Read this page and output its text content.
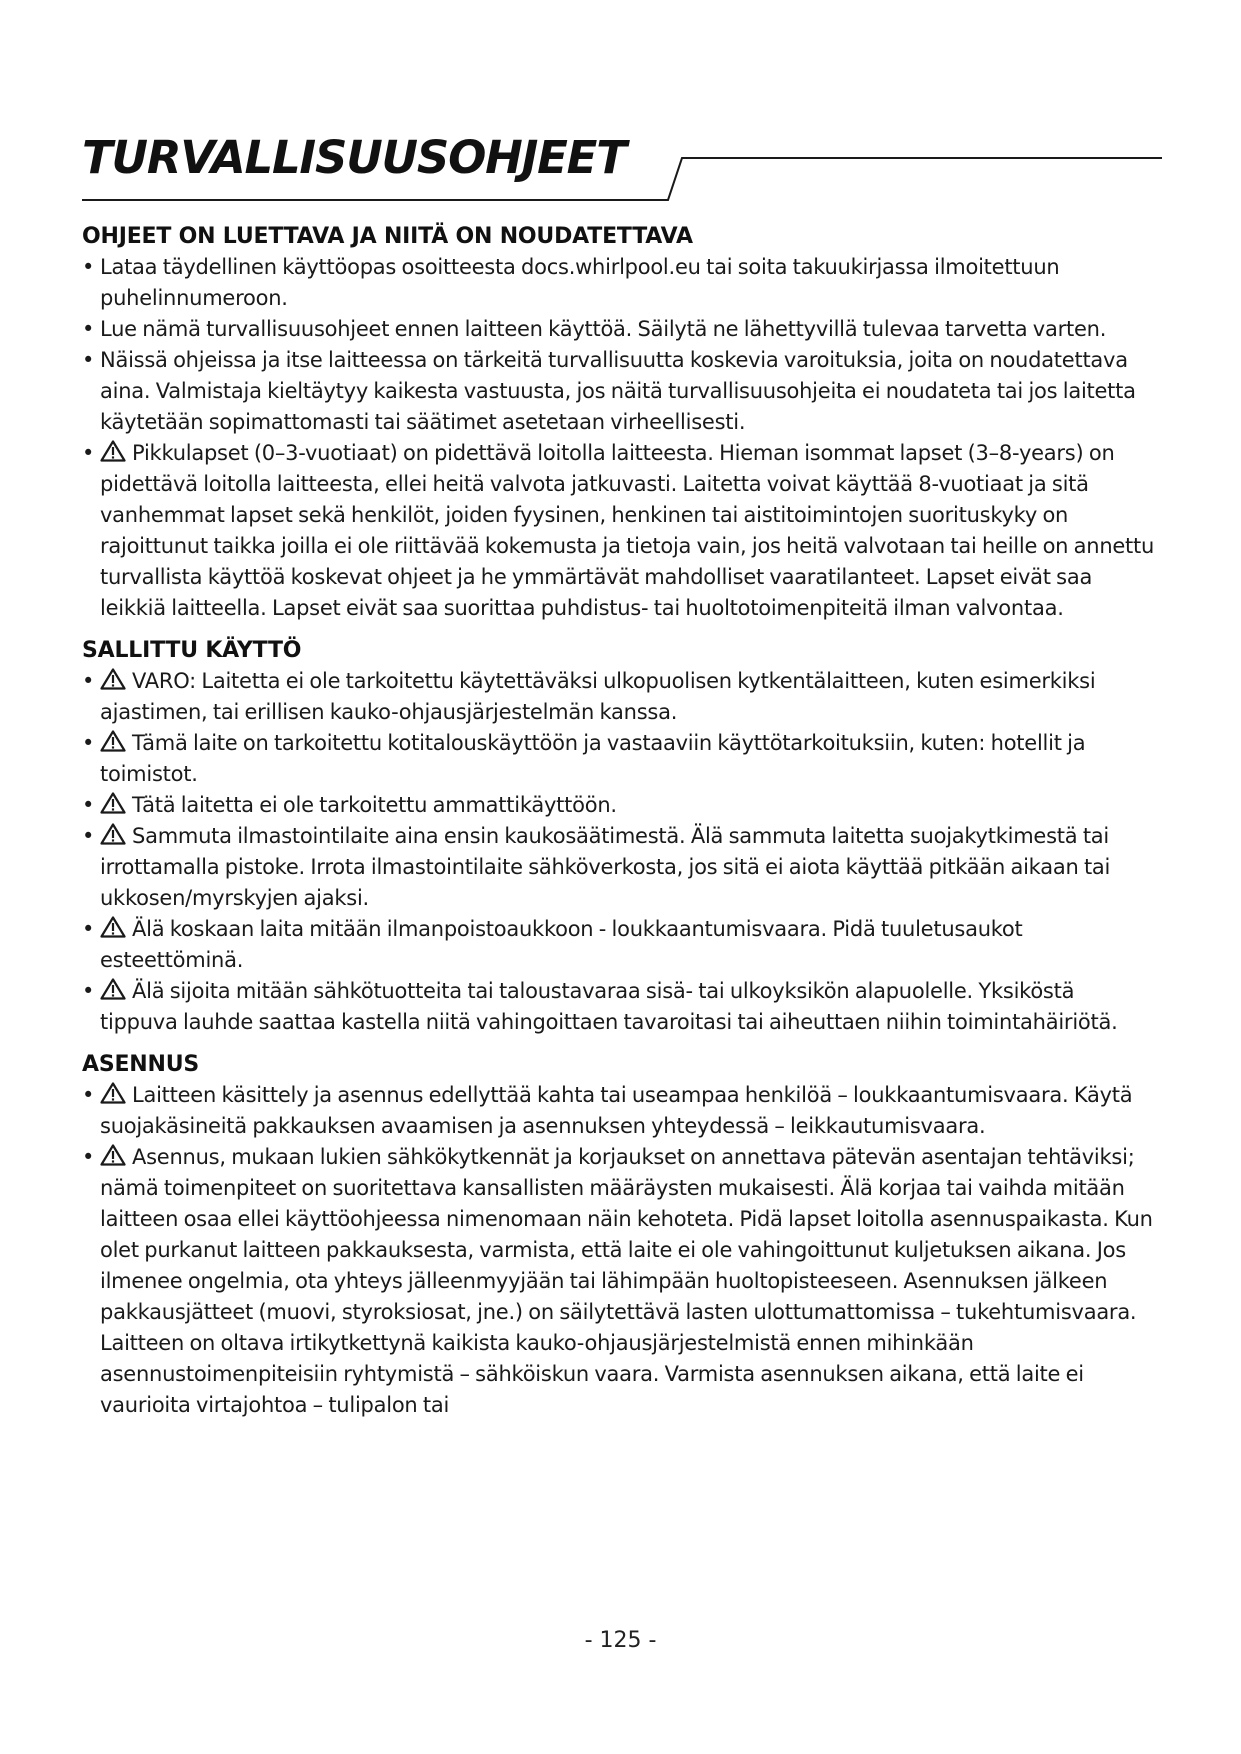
TURVALLISUUSOHJEET
OHJEET ON LUETTAVA JA NIITÄ ON NOUDATETTAVA
• Lataa täydellinen käyttöopas osoitteesta docs.whirlpool.eu tai soita takuukirjassa ilmoitettuun puhelinnumeroon.
• Lue nämä turvallisuusohjeet ennen laitteen käyttöä. Säilytä ne lähettyvillä tulevaa tarvetta varten.
• Näissä ohjeissa ja itse laitteessa on tärkeitä turvallisuutta koskevia varoituksia, joita on noudatettava aina. Valmistaja kieltäytyy kaikesta vastuusta, jos näitä turvallisuusohjeita ei noudateta tai jos laitetta käytetään sopimattomasti tai säätimet asetetaan virheellisesti.
• Pikkulapset (0–3-vuotiaat) on pidettävä loitolla laitteesta. Hieman isommat lapset (3–8-years) on pidettävä loitolla laitteesta, ellei heitä valvota jatkuvasti. Laitetta voivat käyttää 8-vuotiaat ja sitä vanhemmat lapset sekä henkilöt, joiden fyysinen, henkinen tai aistitoimintojen suorituskyky on rajoittunut taikka joilla ei ole riittävää kokemusta ja tietoja vain, jos heitä valvotaan tai heille on annettu turvallista käyttöä koskevat ohjeet ja he ymmärtävät mahdolliset vaaratilanteet. Lapset eivät saa leikkiä laitteella. Lapset eivät saa suorittaa puhdistus- tai huoltotoimenpiteitä ilman valvontaa.
SALLITTU KÄYTTÖ
• VARO: Laitetta ei ole tarkoitettu käytettäväksi ulkopuolisen kytkentälaitteen, kuten esimerkiksi ajastimen, tai erillisen kauko-ohjausjärjestelmän kanssa.
• Tämä laite on tarkoitettu kotitalouskäyttöön ja vastaaviin käyttötarkoituksiin, kuten: hotellit ja toimistot.
• Tätä laitetta ei ole tarkoitettu ammattikäyttöön.
• Sammuta ilmastointilaite aina ensin kaukosäätimestä. Älä sammuta laitetta suojakytkimestä tai irrottamalla pistoke. Irrota ilmastointilaite sähköverkosta, jos sitä ei aiota käyttää pitkään aikaan tai ukkosen/myrskyjen ajaksi.
• Älä koskaan laita mitään ilmanpoistoaukkoon - loukkaantumisvaara. Pidä tuuletusaukot esteettöminä.
• Älä sijoita mitään sähkötuotteita tai taloustavaraa sisä- tai ulkoyksikön alapuolelle. Yksiköstä tippuva lauhde saattaa kastella niitä vahingoittaen tavaroitasi tai aiheuttaen niihin toimintahäiriötä.
ASENNUS
• Laitteen käsittely ja asennus edellyttää kahta tai useampaa henkilöä – loukkaantumisvaara. Käytä suojakäsineitä pakkauksen avaamisen ja asennuksen yhteydessä – leikkautumisvaara.
• Asennus, mukaan lukien sähkökytkennät ja korjaukset on annettava pätevän asentajan tehtäviksi; nämä toimenpiteet on suoritettava kansallisten määräysten mukaisesti. Älä korjaa tai vaihda mitään laitteen osaa ellei käyttöohjeessa nimenomaan näin kehoteta. Pidä lapset loitolla asennuspaikasta. Kun olet purkanut laitteen pakkauksesta, varmista, että laite ei ole vahingoittunut kuljetuksen aikana. Jos ilmenee ongelmia, ota yhteys jälleenmyyjään tai lähimpään huoltopisteeseen. Asennuksen jälkeen pakkausjätteet (muovi, styroksiosat, jne.) on säilytettävä lasten ulottumattomissa – tukehtumisvaara. Laitteen on oltava irtikytkettynä kaikista kauko-ohjausjärjestelmistä ennen mihinkään asennustoimenpiteisiin ryhtymistä – sähköiskun vaara. Varmista asennuksen aikana, että laite ei vaurioita virtajohtoa – tulipalon tai
- 125 -
